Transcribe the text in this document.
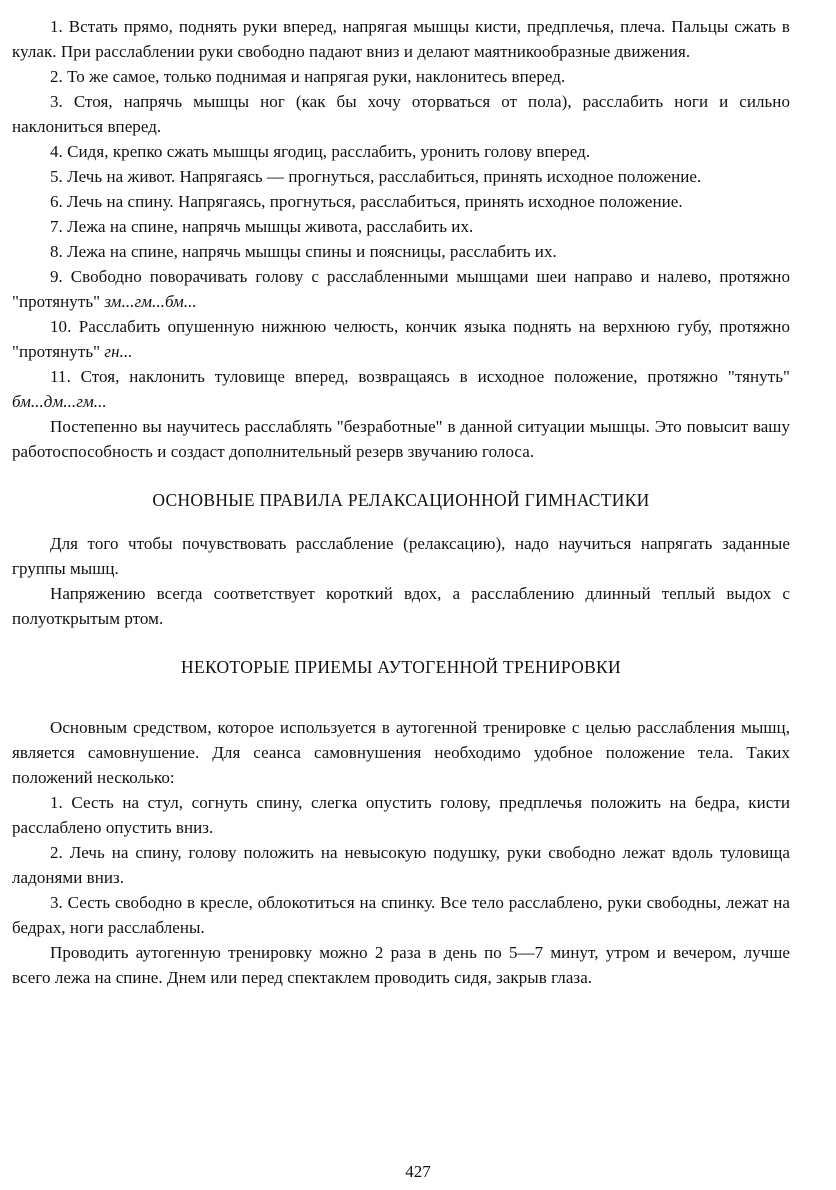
1. Встать прямо, поднять руки вперед, напрягая мышцы кисти, предплечья, плеча. Пальцы сжать в кулак. При расслаблении руки свободно падают вниз и делают маятникообразные движения.

2. То же самое, только поднимая и напрягая руки, наклонитесь вперед.

3. Стоя, напрячь мышцы ног (как бы хочу оторваться от пола), расслабить ноги и сильно наклониться вперед.

4. Сидя, крепко сжать мышцы ягодиц, расслабить, уронить голову вперед.

5. Лечь на живот. Напрягаясь — прогнуться, расслабиться, принять исходное положение.

6. Лечь на спину. Напрягаясь, прогнуться, расслабиться, принять исходное положение.

7. Лежа на спине, напрячь мышцы живота, расслабить их.

8. Лежа на спине, напрячь мышцы спины и поясницы, расслабить их.

9. Свободно поворачивать голову с расслабленными мышцами шеи направо и налево, протяжно "протянуть" зм...гм...бм...

10. Расслабить опушенную нижнюю челюсть, кончик языка поднять на верхнюю губу, протяжно "протянуть" гн...

11. Стоя, наклонить туловище вперед, возвращаясь в исходное положение, протяжно "тянуть" бм...дм...гм...

Постепенно вы научитесь расслаблять "безработные" в данной ситуации мышцы. Это повысит вашу работоспособность и создаст дополнительный резерв звучанию голоса.

ОСНОВНЫЕ ПРАВИЛА РЕЛАКСАЦИОННОЙ ГИМНАСТИКИ

Для того чтобы почувствовать расслабление (релаксацию), надо научиться напрягать заданные группы мышц.

Напряжению всегда соответствует короткий вдох, а расслаблению длинный теплый выдох с полуоткрытым ртом.

НЕКОТОРЫЕ ПРИЕМЫ АУТОГЕННОЙ ТРЕНИРОВКИ

Основным средством, которое используется в аутогенной тренировке с целью расслабления мышц, является самовнушение. Для сеанса самовнушения необходимо удобное положение тела. Таких положений несколько:

1. Сесть на стул, согнуть спину, слегка опустить голову, предплечья положить на бедра, кисти расслаблено опустить вниз.

2. Лечь на спину, голову положить на невысокую подушку, руки свободно лежат вдоль туловища ладонями вниз.

3. Сесть свободно в кресле, облокотиться на спинку. Все тело расслаблено, руки свободны, лежат на бедрах, ноги расслаблены.

Проводить аутогенную тренировку можно 2 раза в день по 5—7 минут, утром и вечером, лучше всего лежа на спине. Днем или перед спектаклем проводить сидя, закрыв глаза.

427
